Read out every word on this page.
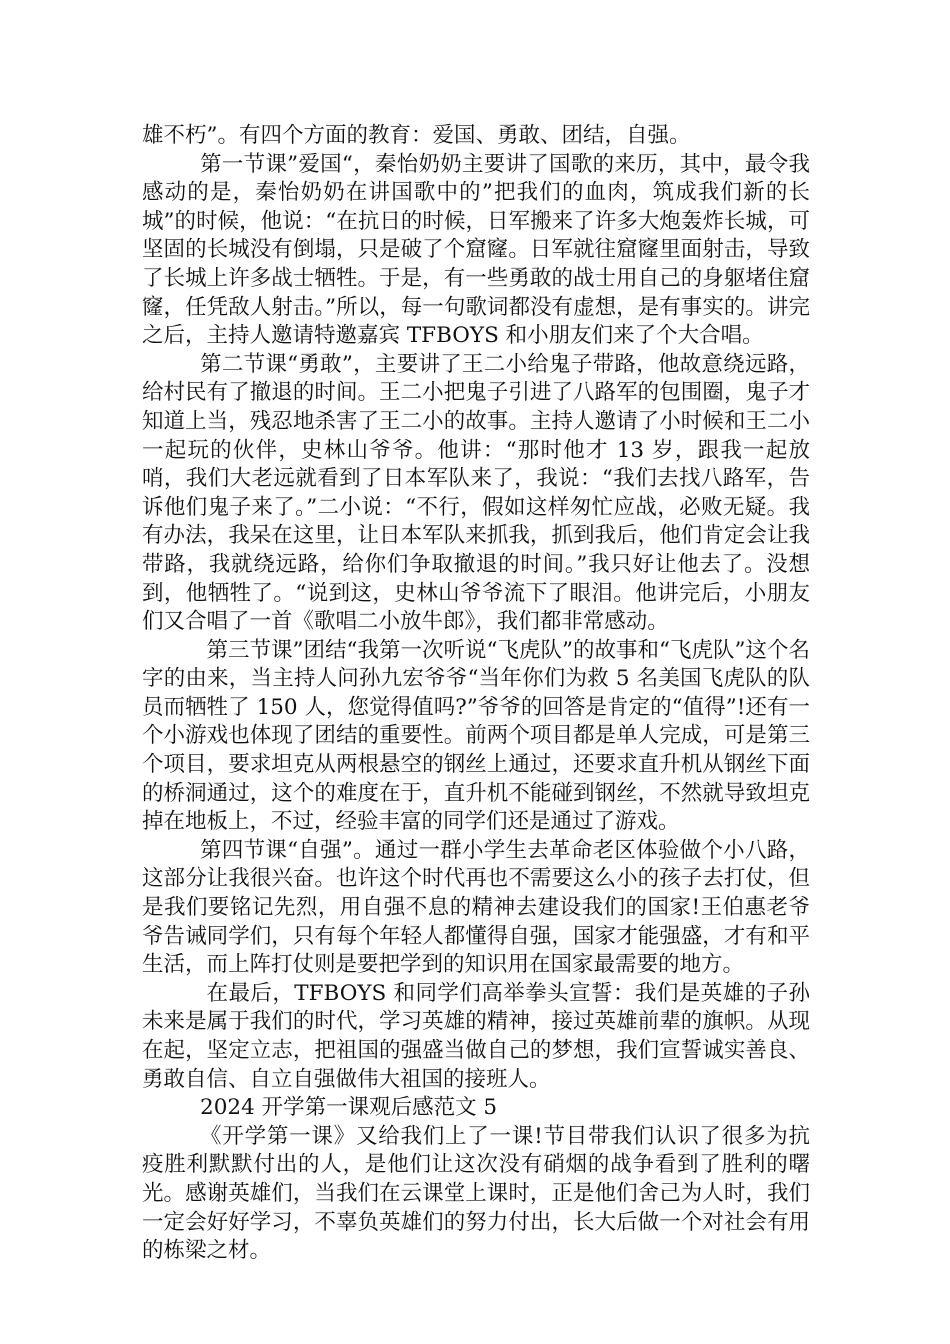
雄不朽”。有四个方面的教育：爱国、勇敢、团结，自强。

第一节课”爱国“，秦怡奶奶主要讲了国歌的来历，其中，最令我感动的是，秦怡奶奶在讲国歌中的”把我们的血肉，筑成我们新的长城”的时候，他说：“在抗日的时候，日军搬来了许多大炮轰炸长城，可坚固的长城没有倒塌，只是破了个窟窿。日军就往窟窿里面射击，导致了长城上许多战士牺牲。于是，有一些勇敢的战士用自己的身躯堵住窟窿，任凭敌人射击。”所以，每一句歌词都没有虚想，是有事实的。讲完之后，主持人邀请特邀嘉宾 TFBOYS 和小朋友们来了个大合唱。

第二节课“勇敢”，主要讲了王二小给鬼子带路，他故意绕远路，给村民有了撤退的时间。王二小把鬼子引进了八路军的包围圈，鬼子才知道上当，残忍地杀害了王二小的故事。主持人邀请了小时候和王二小一起玩的伙伴，史林山爷爷。他讲：“那时他才 13 岁，跟我一起放哨，我们大老远就看到了日本军队来了，我说：“我们去找八路军，告诉他们鬼子来了。”二小说：“不行，假如这样匆忙应战，必败无疑。我有办法，我呆在这里，让日本军队来抓我，抓到我后，他们肯定会让我带路，我就绕远路，给你们争取撤退的时间。”我只好让他去了。没想到，他牺牲了。“说到这，史林山爷爷流下了眼泪。他讲完后，小朋友们又合唱了一首《歌唱二小放牛郎》，我们都非常感动。

第三节课”团结“我第一次听说“飞虎队”的故事和“飞虎队”这个名字的由来，当主持人问孙九宏爷爷“当年你们为救 5 名美国飞虎队的队员而牺牲了 150 人，您觉得值吗?”爷爷的回答是肯定的“值得”!还有一个小游戏也体现了团结的重要性。前两个项目都是单人完成，可是第三个项目，要求坦克从两根悬空的钢丝上通过，还要求直升机从钢丝下面的桥洞通过，这个的难度在于，直升机不能碰到钢丝，不然就导致坦克掉在地板上，不过，经验丰富的同学们还是通过了游戏。

第四节课“自强”。通过一群小学生去革命老区体验做个小八路，这部分让我很兴奋。也许这个时代再也不需要这么小的孩子去打仗，但是我们要铭记先烈，用自强不息的精神去建设我们的国家!王伯惠老爷爷告诫同学们，只有每个年轻人都懂得自强，国家才能强盛，才有和平生活，而上阵打仗则是要把学到的知识用在国家最需要的地方。

在最后，TFBOYS 和同学们高举拳头宣誓：我们是英雄的子孙未来是属于我们的时代，学习英雄的精神，接过英雄前辈的旗帜。从现在起，坚定立志，把祖国的强盛当做自己的梦想，我们宣誓诚实善良、勇敢自信、自立自强做伟大祖国的接班人。

2024 开学第一课观后感范文 5

《开学第一课》又给我们上了一课!节目带我们认识了很多为抗疫胜利默默付出的人，是他们让这次没有硝烟的战争看到了胜利的曙光。感谢英雄们，当我们在云课堂上课时，正是他们舍己为人时，我们一定会好好学习，不辜负英雄们的努力付出，长大后做一个对社会有用的栋梁之材。
